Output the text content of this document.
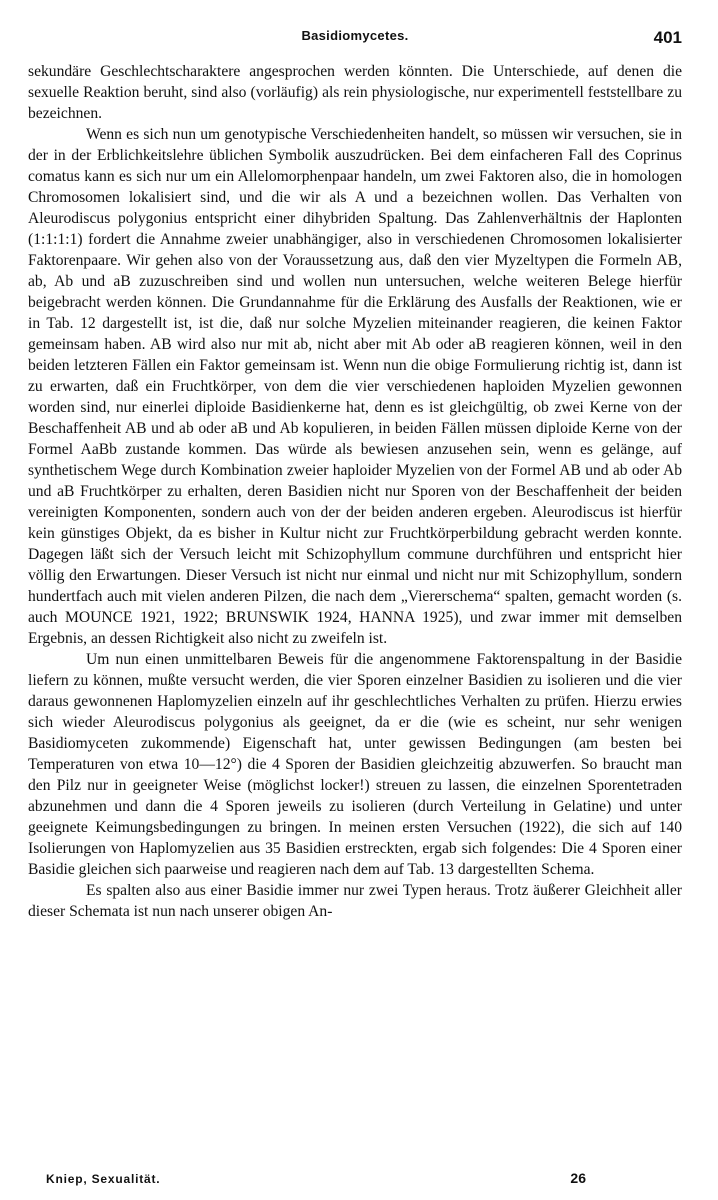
Basidiomycetes.	401

sekundäre Geschlechtscharaktere angesprochen werden könnten. Die Unterschiede, auf denen die sexuelle Reaktion beruht, sind also (vorläufig) als rein physiologische, nur experimentell feststellbare zu bezeichnen.

Wenn es sich nun um genotypische Verschiedenheiten handelt, so müssen wir versuchen, sie in der in der Erblichkeitslehre üblichen Symbolik auszudrücken. Bei dem einfacheren Fall des Coprinus comatus kann es sich nur um ein Allelomorphenpaar handeln, um zwei Faktoren also, die in homologen Chromosomen lokalisiert sind, und die wir als A und a bezeichnen wollen. Das Verhalten von Aleurodiscus polygonius entspricht einer dihybriden Spaltung. Das Zahlenverhältnis der Haplonten (1:1:1:1) fordert die Annahme zweier unabhängiger, also in verschiedenen Chromosomen lokalisierter Faktorenpaare. Wir gehen also von der Voraussetzung aus, daß den vier Myzeltypen die Formeln AB, ab, Ab und aB zuzuschreiben sind und wollen nun untersuchen, welche weiteren Belege hierfür beigebracht werden können. Die Grundannahme für die Erklärung des Ausfalls der Reaktionen, wie er in Tab. 12 dargestellt ist, ist die, daß nur solche Myzelien miteinander reagieren, die keinen Faktor gemeinsam haben. AB wird also nur mit ab, nicht aber mit Ab oder aB reagieren können, weil in den beiden letzteren Fällen ein Faktor gemeinsam ist. Wenn nun die obige Formulierung richtig ist, dann ist zu erwarten, daß ein Fruchtkörper, von dem die vier verschiedenen haploiden Myzelien gewonnen worden sind, nur einerlei diploide Basidienkerne hat, denn es ist gleichgültig, ob zwei Kerne von der Beschaffenheit AB und ab oder aB und Ab kopulieren, in beiden Fällen müssen diploide Kerne von der Formel AaBb zustande kommen. Das würde als bewiesen anzusehen sein, wenn es gelänge, auf synthetischem Wege durch Kombination zweier haploider Myzelien von der Formel AB und ab oder Ab und aB Fruchtkörper zu erhalten, deren Basidien nicht nur Sporen von der Beschaffenheit der beiden vereinigten Komponenten, sondern auch von der der beiden anderen ergeben. Aleurodiscus ist hierfür kein günstiges Objekt, da es bisher in Kultur nicht zur Fruchtkörperbildung gebracht werden konnte. Dagegen läßt sich der Versuch leicht mit Schizophyllum commune durchführen und entspricht hier völlig den Erwartungen. Dieser Versuch ist nicht nur einmal und nicht nur mit Schizophyllum, sondern hundertfach auch mit vielen anderen Pilzen, die nach dem „Viererschema“ spalten, gemacht worden (s. auch MOUNCE 1921, 1922; BRUNSWIK 1924, HANNA 1925), und zwar immer mit demselben Ergebnis, an dessen Richtigkeit also nicht zu zweifeln ist.

Um nun einen unmittelbaren Beweis für die angenommene Faktorenspaltung in der Basidie liefern zu können, mußte versucht werden, die vier Sporen einzelner Basidien zu isolieren und die vier daraus gewonnenen Haplomyzelien einzeln auf ihr geschlechtliches Verhalten zu prüfen. Hierzu erwies sich wieder Aleurodiscus polygonius als geeignet, da er die (wie es scheint, nur sehr wenigen Basidiomyceten zukommende) Eigenschaft hat, unter gewissen Bedingungen (am besten bei Temperaturen von etwa 10—12°) die 4 Sporen der Basidien gleichzeitig abzuwerfen. So braucht man den Pilz nur in geeigneter Weise (möglichst locker!) streuen zu lassen, die einzelnen Sporentetraden abzunehmen und dann die 4 Sporen jeweils zu isolieren (durch Verteilung in Gelatine) und unter geeignete Keimungsbedingungen zu bringen. In meinen ersten Versuchen (1922), die sich auf 140 Isolierungen von Haplomyzelien aus 35 Basidien erstreckten, ergab sich folgendes: Die 4 Sporen einer Basidie gleichen sich paarweise und reagieren nach dem auf Tab. 13 dargestellten Schema.

Es spalten also aus einer Basidie immer nur zwei Typen heraus. Trotz äußerer Gleichheit aller dieser Schemata ist nun nach unserer obigen An-

Kniep, Sexualität.	26
